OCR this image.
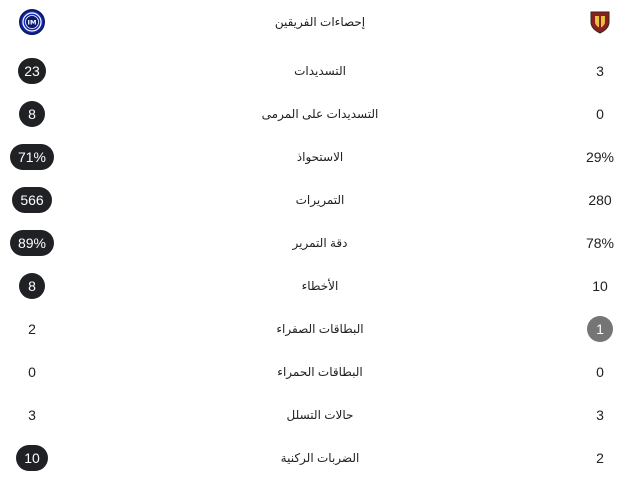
IM	إحصاءات الفريقين
23	التسديدات	3
8	التسديدات على المرمى	0
71%	الاستحواذ	29%
566	التمريرات	280
89%	دقة التمرير	78%
8	الأخطاء	10
2	البطاقات الصفراء	1
0	البطاقات الحمراء	0
3	حالات التسلل	3
10	الضربات الركنية	2
